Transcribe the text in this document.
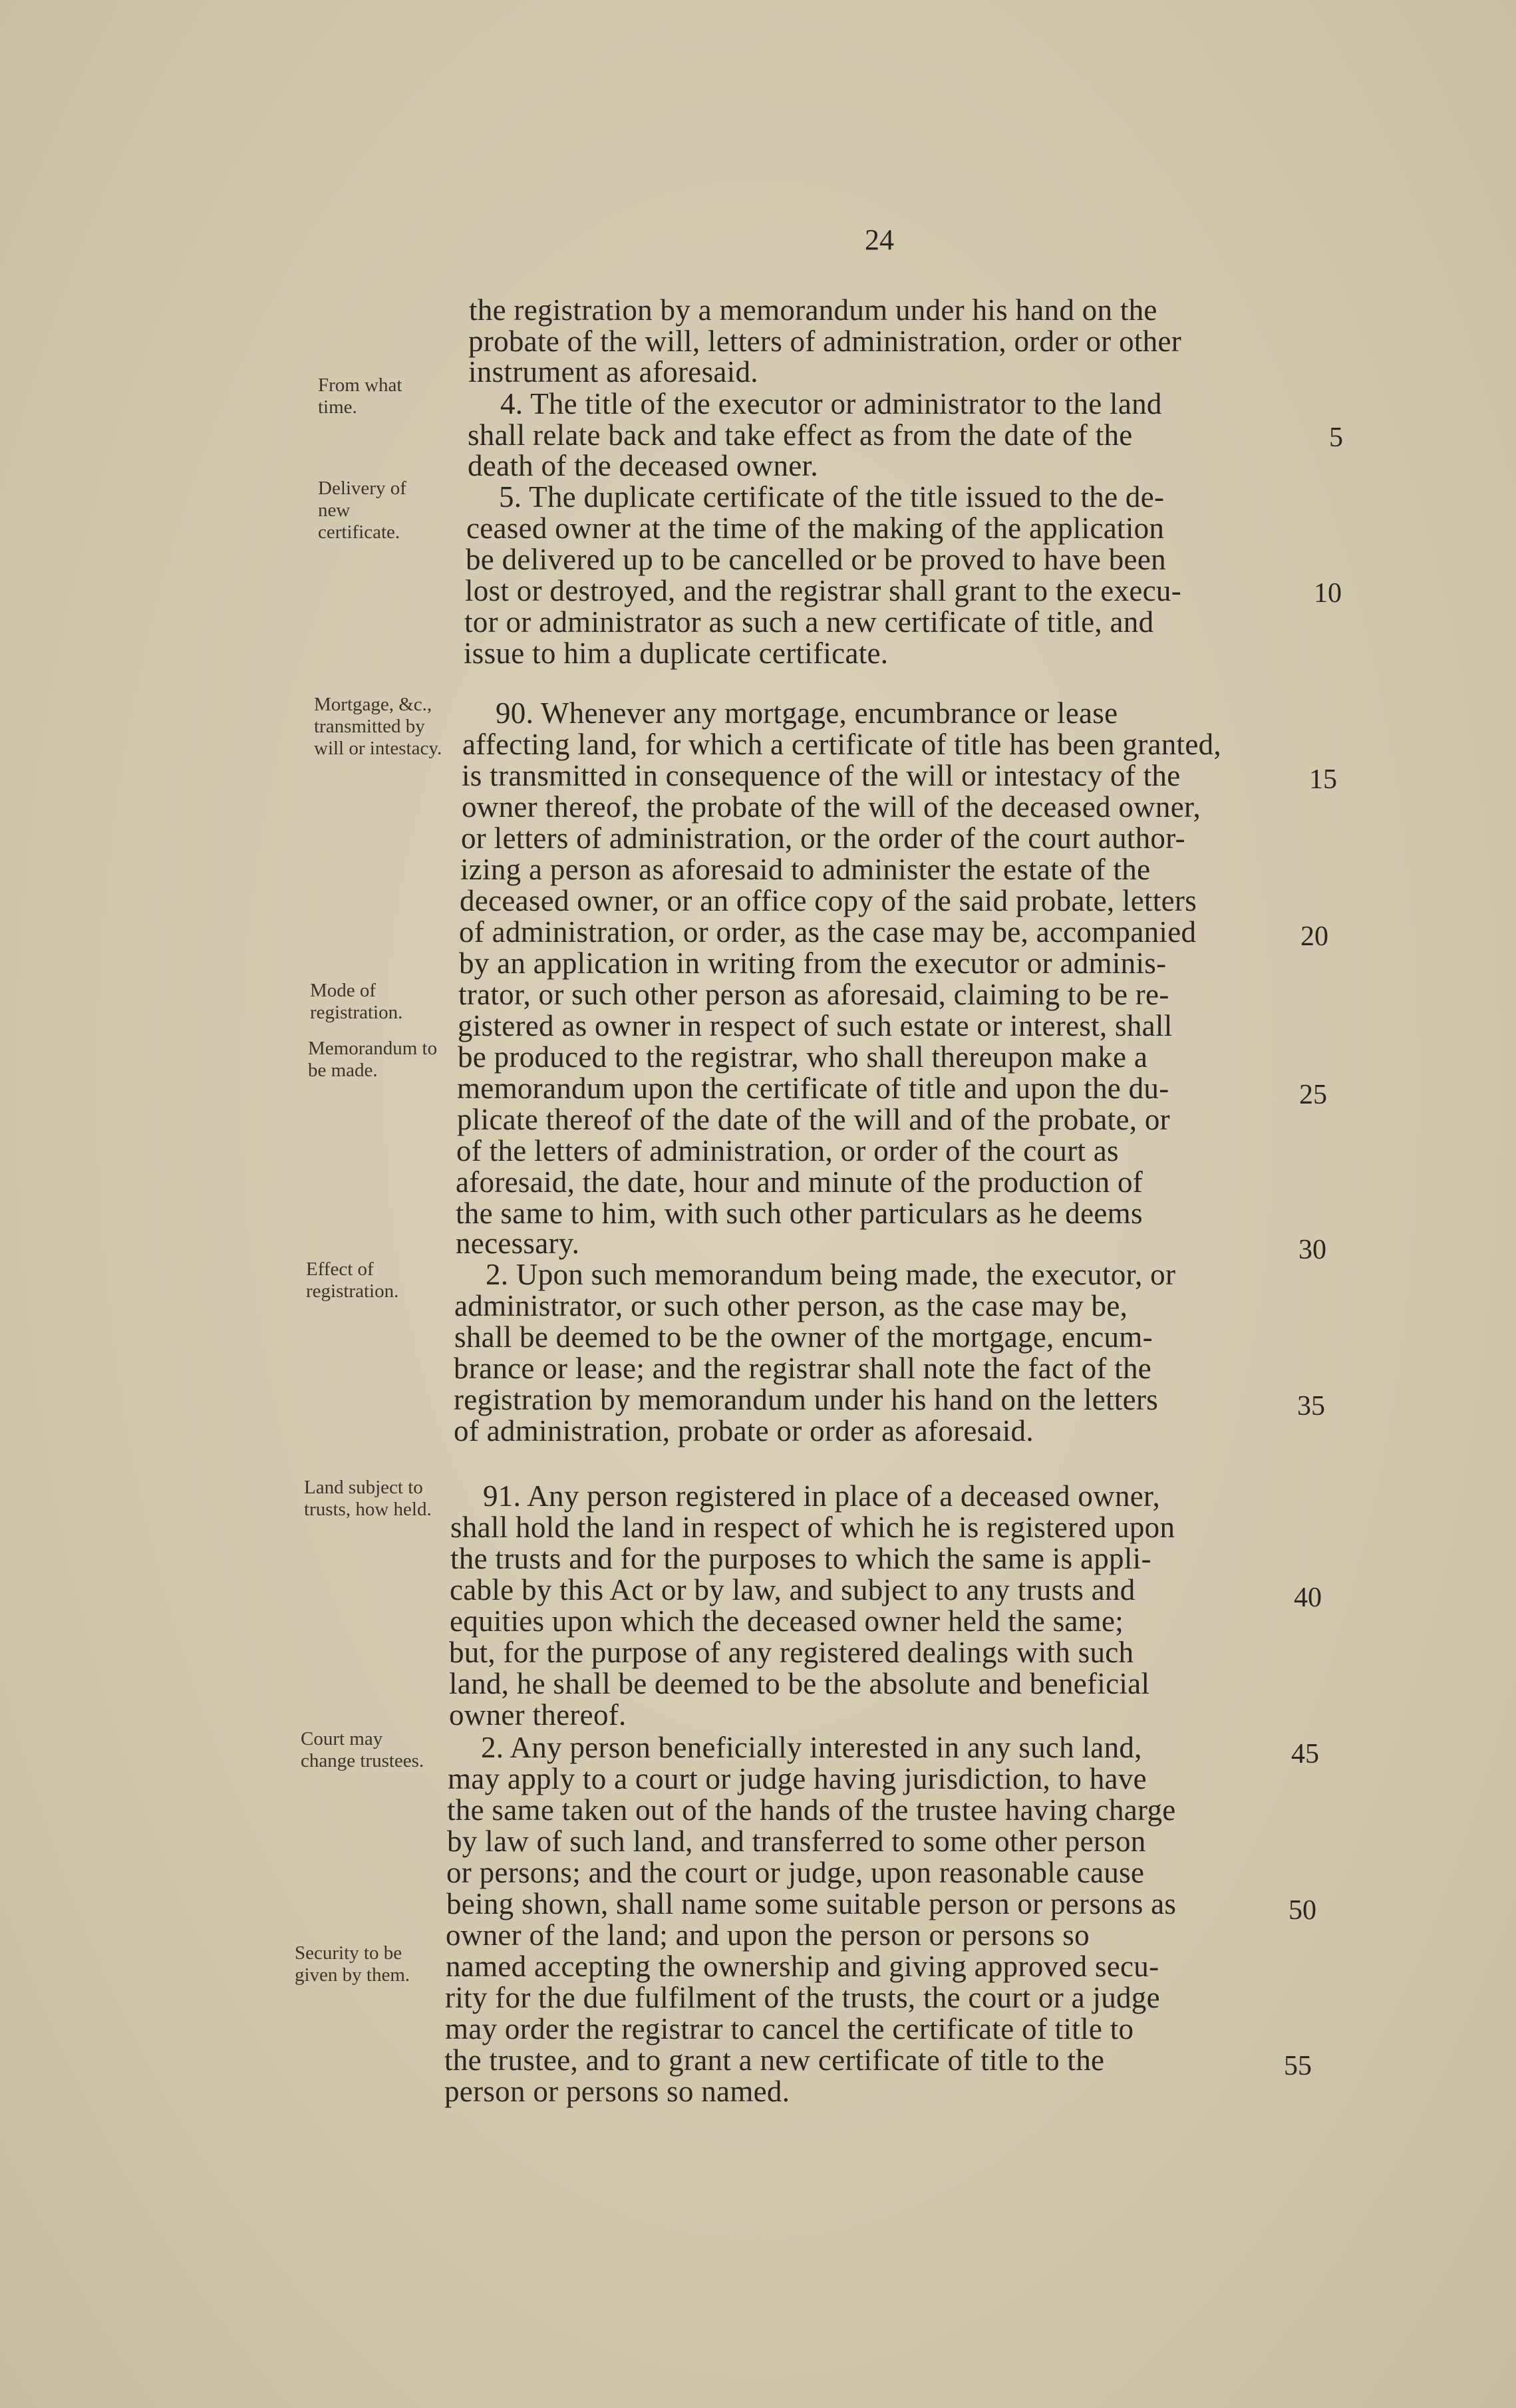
24
From what time.
Delivery of new certificate.
Mortgage, &c., transmitted by will or intestacy.
Mode of registration.
Memorandum to be made.
Effect of registration.
Land subject to trusts, how held.
Court may change trustees.
Security to be given by them.
the registration by a memorandum under his hand on the
probate of the will, letters of administration, order or other
instrument as aforesaid.
4. The title of the executor or administrator to the land
shall relate back and take effect as from the date of the
death of the deceased owner.
5. The duplicate certificate of the title issued to the de-
ceased owner at the time of the making of the application
be delivered up to be cancelled or be proved to have been
lost or destroyed, and the registrar shall grant to the execu-
tor or administrator as such a new certificate of title, and
issue to him a duplicate certificate.
90. Whenever any mortgage, encumbrance or lease
affecting land, for which a certificate of title has been granted,
is transmitted in consequence of the will or intestacy of the
owner thereof, the probate of the will of the deceased owner,
or letters of administration, or the order of the court author-
izing a person as aforesaid to administer the estate of the
deceased owner, or an office copy of the said probate, letters
of administration, or order, as the case may be, accompanied
by an application in writing from the executor or adminis-
trator, or such other person as aforesaid, claiming to be re-
gistered as owner in respect of such estate or interest, shall
be produced to the registrar, who shall thereupon make a
memorandum upon the certificate of title and upon the du-
plicate thereof of the date of the will and of the probate, or
of the letters of administration, or order of the court as
aforesaid, the date, hour and minute of the production of
the same to him, with such other particulars as he deems
necessary.
2. Upon such memorandum being made, the executor, or
administrator, or such other person, as the case may be,
shall be deemed to be the owner of the mortgage, encum-
brance or lease; and the registrar shall note the fact of the
registration by memorandum under his hand on the letters
of administration, probate or order as aforesaid.
91. Any person registered in place of a deceased owner,
shall hold the land in respect of which he is registered upon
the trusts and for the purposes to which the same is appli-
cable by this Act or by law, and subject to any trusts and
equities upon which the deceased owner held the same;
but, for the purpose of any registered dealings with such
land, he shall be deemed to be the absolute and beneficial
owner thereof.
2. Any person beneficially interested in any such land,
may apply to a court or judge having jurisdiction, to have
the same taken out of the hands of the trustee having charge
by law of such land, and transferred to some other person
or persons; and the court or judge, upon reasonable cause
being shown, shall name some suitable person or persons as
owner of the land; and upon the person or persons so
named accepting the ownership and giving approved secu-
rity for the due fulfilment of the trusts, the court or a judge
may order the registrar to cancel the certificate of title to
the trustee, and to grant a new certificate of title to the
person or persons so named.
5
10
15
20
25
30
35
40
45
50
55
